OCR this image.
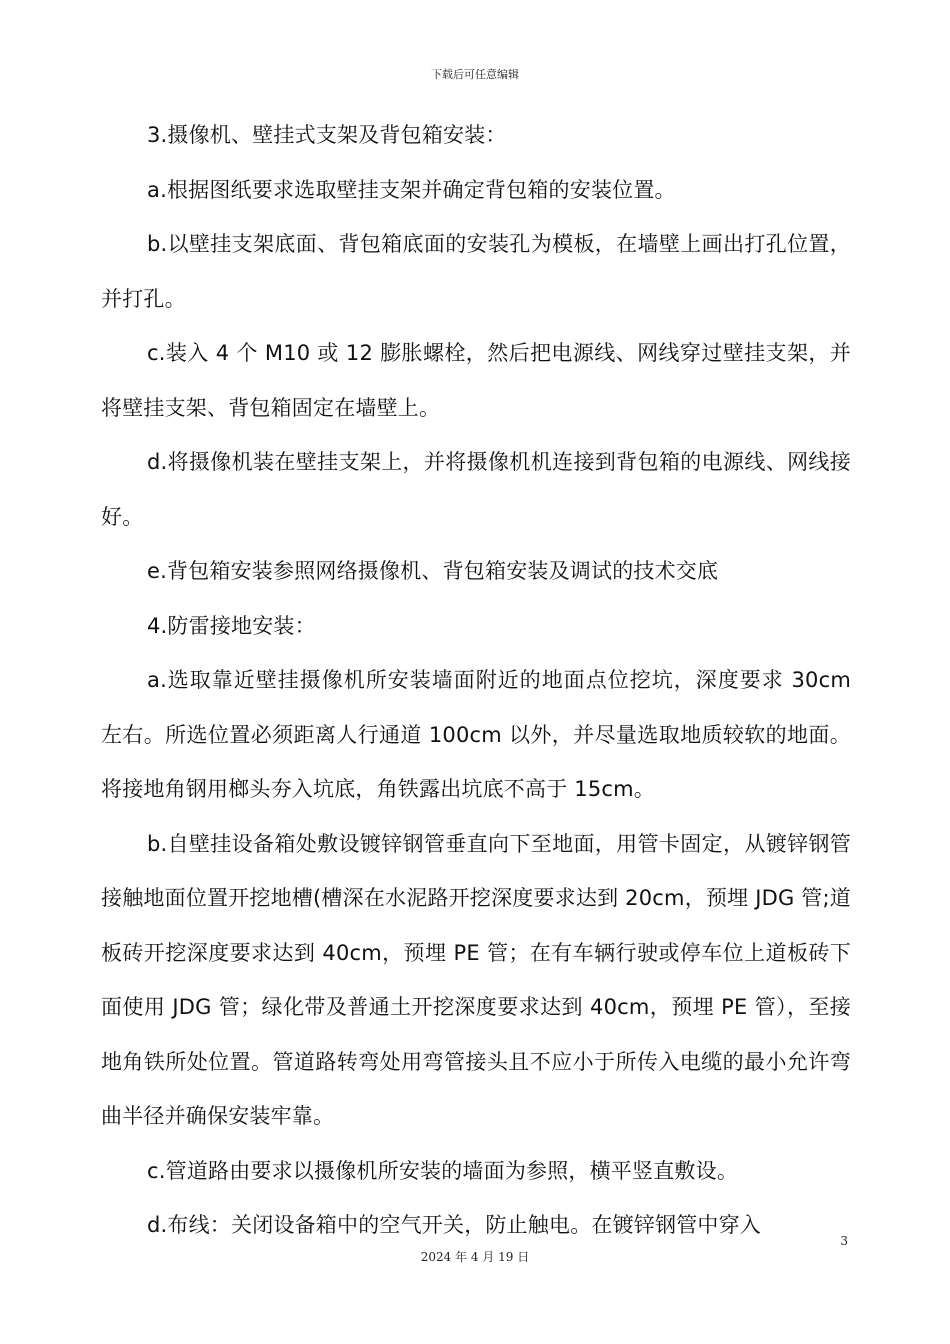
下载后可任意编辑

3.摄像机、壁挂式支架及背包箱安装：

a.根据图纸要求选取壁挂支架并确定背包箱的安装位置。

b.以壁挂支架底面、背包箱底面的安装孔为模板，在墙壁上画出打孔位置，并打孔。

c.装入 4 个 M10 或 12 膨胀螺栓，然后把电源线、网线穿过壁挂支架，并将壁挂支架、背包箱固定在墙壁上。

d.将摄像机装在壁挂支架上，并将摄像机机连接到背包箱的电源线、网线接好。

e.背包箱安装参照网络摄像机、背包箱安装及调试的技术交底

4.防雷接地安装：

a.选取靠近壁挂摄像机所安装墙面附近的地面点位挖坑，深度要求 30cm 左右。所选位置必须距离人行通道 100cm 以外，并尽量选取地质较软的地面。将接地角钢用榔头夯入坑底，角铁露出坑底不高于 15cm。

b.自壁挂设备箱处敷设镀锌钢管垂直向下至地面，用管卡固定，从镀锌钢管接触地面位置开挖地槽(槽深在水泥路开挖深度要求达到 20cm，预埋 JDG 管;道板砖开挖深度要求达到 40cm，预埋 PE 管；在有车辆行驶或停车位上道板砖下面使用 JDG 管；绿化带及普通土开挖深度要求达到 40cm，预埋 PE 管），至接地角铁所处位置。管道路转弯处用弯管接头且不应小于所传入电缆的最小允许弯曲半径并确保安装牢靠。

c.管道路由要求以摄像机所安装的墙面为参照，横平竖直敷设。

d.布线：关闭设备箱中的空气开关，防止触电。在镀锌钢管中穿入

3
2024 年 4 月 19 日
